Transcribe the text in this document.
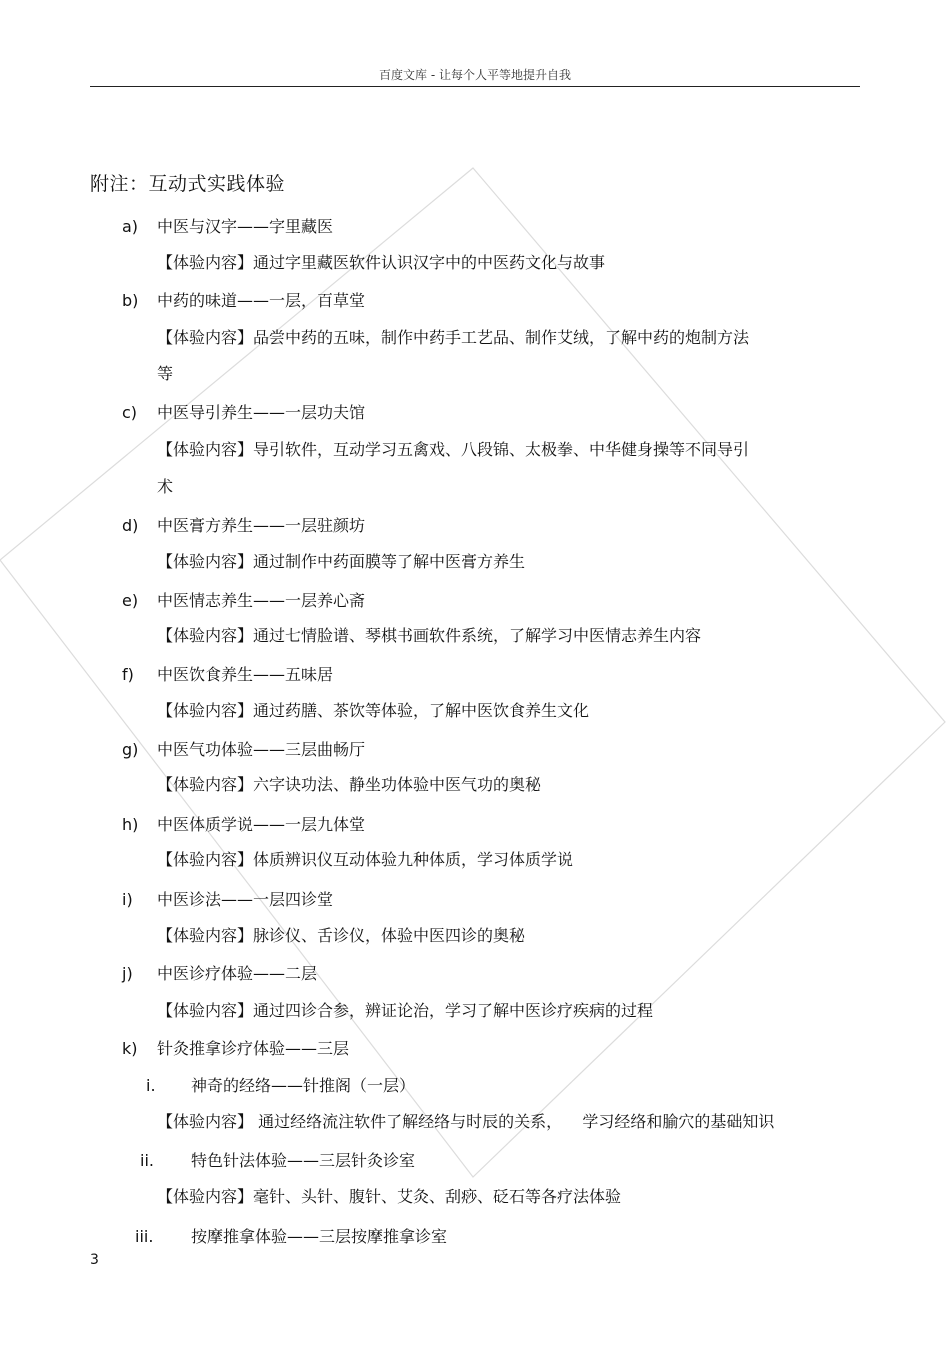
百度文库 - 让每个人平等地提升自我
附注：互动式实践体验
a) 中医与汉字——字里藏医
【体验内容】通过字里藏医软件认识汉字中的中医药文化与故事
b) 中药的味道——一层，百草堂
【体验内容】品尝中药的五味，制作中药手工艺品、制作艾绒，了解中药的炮制方法
等
c) 中医导引养生——一层功夫馆
【体验内容】导引软件，互动学习五禽戏、八段锦、太极拳、中华健身操等不同导引
术
d) 中医膏方养生——一层驻颜坊
【体验内容】通过制作中药面膜等了解中医膏方养生
e) 中医情志养生——一层养心斋
【体验内容】通过七情脸谱、琴棋书画软件系统，了解学习中医情志养生内容
f) 中医饮食养生——五味居
【体验内容】通过药膳、茶饮等体验，了解中医饮食养生文化
g) 中医气功体验——三层曲畅厅
【体验内容】六字诀功法、静坐功体验中医气功的奥秘
h) 中医体质学说——一层九体堂
【体验内容】体质辨识仪互动体验九种体质，学习体质学说
i) 中医诊法——一层四诊堂
【体验内容】脉诊仪、舌诊仪，体验中医四诊的奥秘
j) 中医诊疗体验——二层
【体验内容】通过四诊合参，辨证论治，学习了解中医诊疗疾病的过程
k) 针灸推拿诊疗体验——三层
i. 神奇的经络——针推阁（一层）
【体验内容】 通过经络流注软件了解经络与时辰的关系，    学习经络和腧穴的基础知识
ii. 特色针法体验——三层针灸诊室
【体验内容】毫针、头针、腹针、艾灸、刮痧、砭石等各疗法体验
iii. 按摩推拿体验——三层按摩推拿诊室
3
